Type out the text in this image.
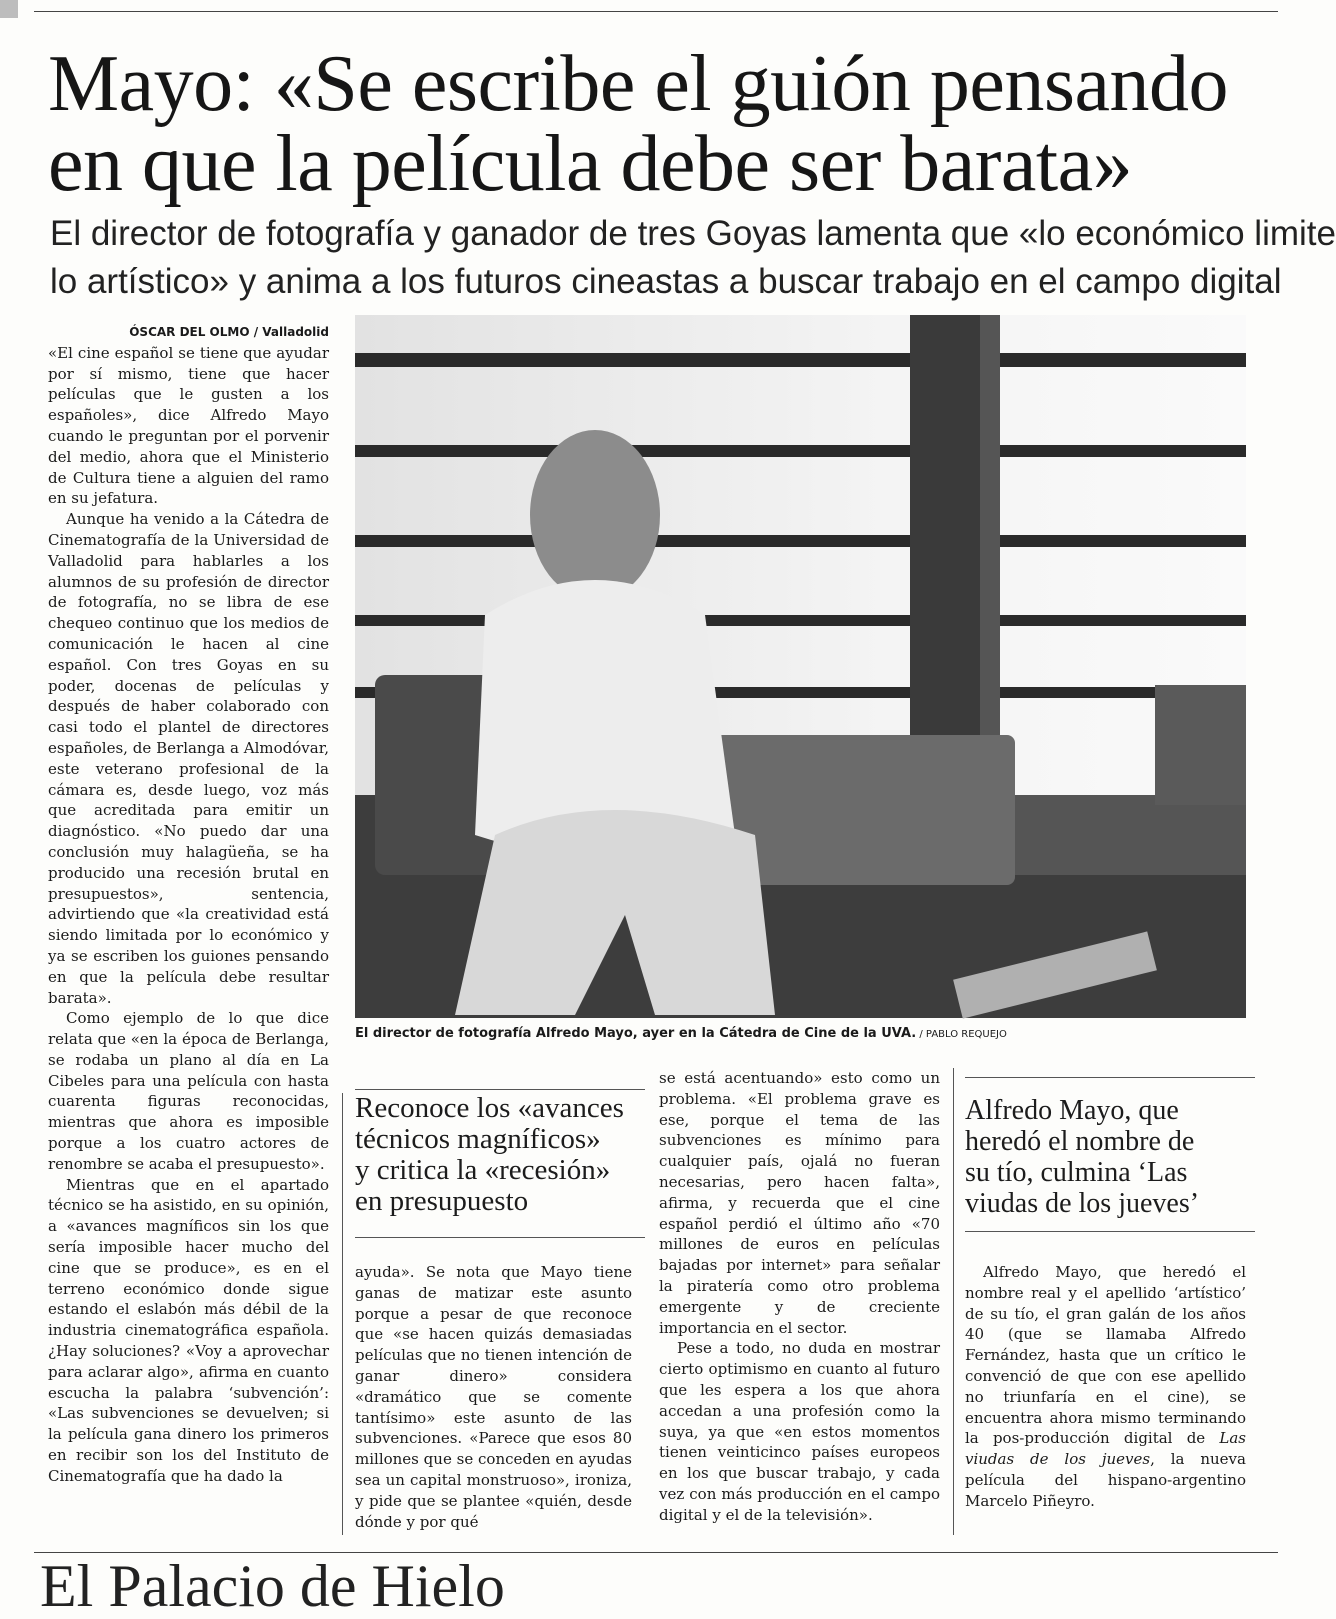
Mayo: «Se escribe el guión pensando
en que la película debe ser barata»
El director de fotografía y ganador de tres Goyas lamenta que «lo económico limite
lo artístico» y anima a los futuros cineastas a buscar trabajo en el campo digital
ÓSCAR DEL OLMO / Valladolid

«El cine español se tiene que ayudar por sí mismo, tiene que hacer películas que le gusten a los españoles», dice Alfredo Mayo cuando le preguntan por el porvenir del medio, ahora que el Ministerio de Cultura tiene a alguien del ramo en su jefatura.

Aunque ha venido a la Cátedra de Cinematografía de la Universidad de Valladolid para hablarles a los alumnos de su profesión de director de fotografía, no se libra de ese chequeo continuo que los medios de comunicación le hacen al cine español. Con tres Goyas en su poder, docenas de películas y después de haber colaborado con casi todo el plantel de directores españoles, de Berlanga a Almodóvar, este veterano profesional de la cámara es, desde luego, voz más que acreditada para emitir un diagnóstico. «No puedo dar una conclusión muy halagüeña, se ha producido una recesión brutal en presupuestos», sentencia, advirtiendo que «la creatividad está siendo limitada por lo económico y ya se escriben los guiones pensando en que la película debe resultar barata».

Como ejemplo de lo que dice relata que «en la época de Berlanga, se rodaba un plano al día en La Cibeles para una película con hasta cuarenta figuras reconocidas, mientras que ahora es imposible porque a los cuatro actores de renombre se acaba el presupuesto».

Mientras que en el apartado técnico se ha asistido, en su opinión, a «avances magníficos sin los que sería imposible hacer mucho del cine que se produce», es en el terreno económico donde sigue estando el eslabón más débil de la industria cinematográfica española. ¿Hay soluciones? «Voy a aprovechar para aclarar algo», afirma en cuanto escucha la palabra ‘subvención’: «Las subvenciones se devuelven; si la película gana dinero los primeros en recibir son los del Instituto de Cinematografía que ha dado la

El director de fotografía Alfredo Mayo, ayer en la Cátedra de Cine de la UVA. / PABLO REQUEJO
Reconoce los «avances
técnicos magníficos»
y critica la «recesión»
en presupuesto

ayuda». Se nota que Mayo tiene ganas de matizar este asunto porque a pesar de que reconoce que «se hacen quizás demasiadas películas que no tienen intención de ganar dinero» considera «dramático que se comente tantísimo» este asunto de las subvenciones. «Parece que esos 80 millones que se conceden en ayudas sea un capital monstruoso», ironiza, y pide que se plantee «quién, desde dónde y por qué

se está acentuando» esto como un problema. «El problema grave es ese, porque el tema de las subvenciones es mínimo para cualquier país, ojalá no fueran necesarias, pero hacen falta», afirma, y recuerda que el cine español perdió el último año «70 millones de euros en películas bajadas por internet» para señalar la piratería como otro problema emergente y de creciente importancia en el sector.

Pese a todo, no duda en mostrar cierto optimismo en cuanto al futuro que les espera a los que ahora accedan a una profesión como la suya, ya que «en estos momentos tienen veinticinco países europeos en los que buscar trabajo, y cada vez con más producción en el campo digital y el de la televisión».

Alfredo Mayo, que
heredó el nombre de
su tío, culmina ‘Las
viudas de los jueves’

Alfredo Mayo, que heredó el nombre real y el apellido ‘artístico’ de su tío, el gran galán de los años 40 (que se llamaba Alfredo Fernández, hasta que un crítico le convenció de que con ese apellido no triunfaría en el cine), se encuentra ahora mismo terminando la pos-producción digital de Las viudas de los jueves, la nueva película del hispano-argentino Marcelo Piñeyro.

El Palacio de Hielo
